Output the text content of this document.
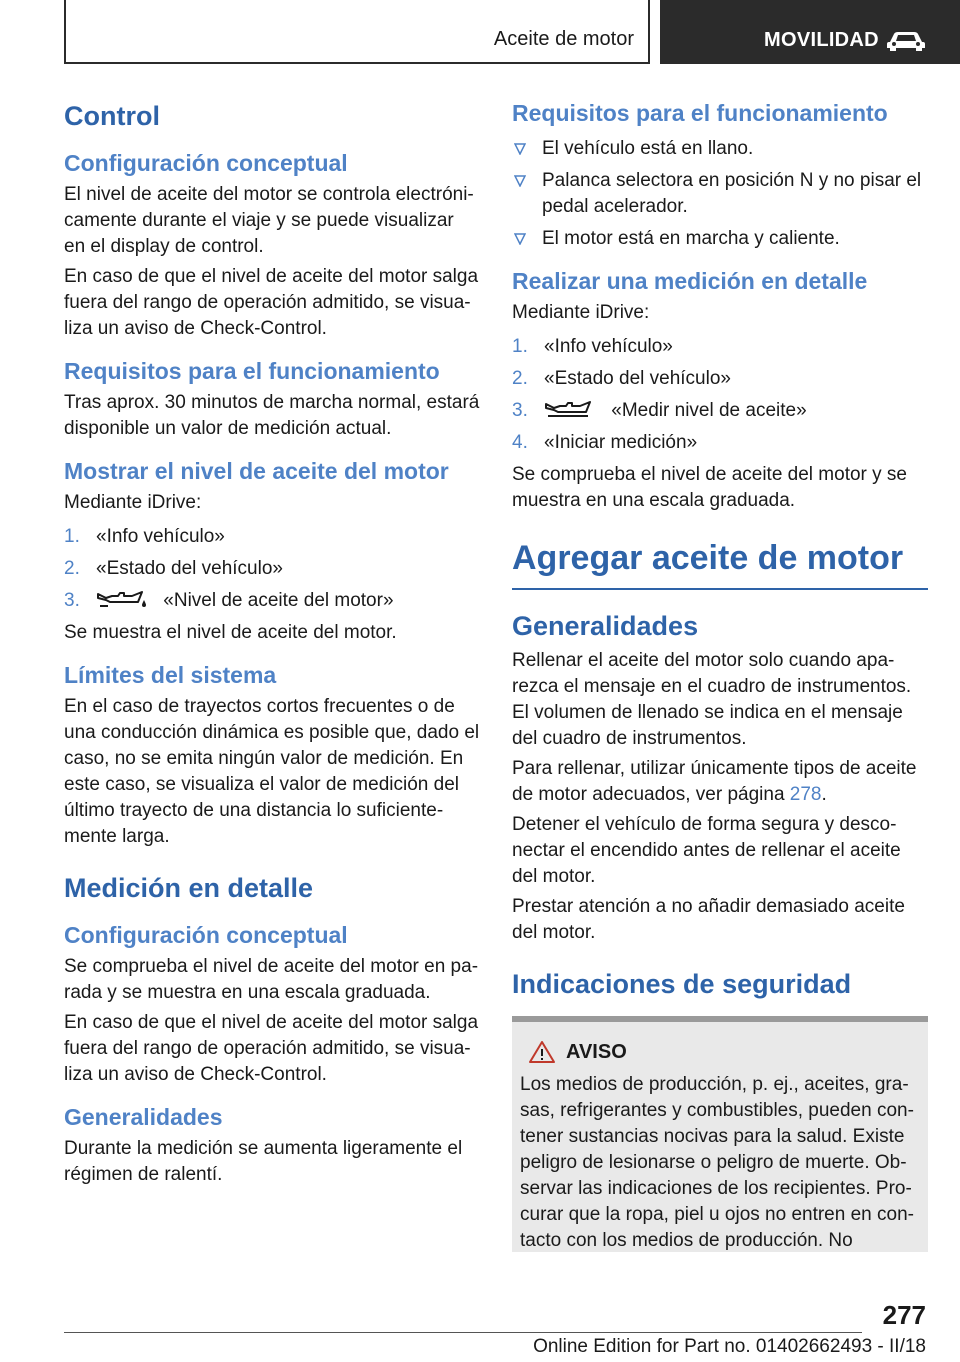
Aceite de motor	MOVILIDAD
Control
Configuración conceptual

El nivel de aceite del motor se controla electróni‐camente durante el viaje y se puede visualizar en el display de control.

En caso de que el nivel de aceite del motor salga fuera del rango de operación admitido, se visua‐liza un aviso de Check-Control.

Requisitos para el funcionamiento

Tras aprox. 30 minutos de marcha normal, estará disponible un valor de medición actual.

Mostrar el nivel de aceite del motor

Mediante iDrive:

1. «Info vehículo»
2. «Estado del vehículo»
3.	«Nivel de aceite del motor»

Se muestra el nivel de aceite del motor.

Límites del sistema

En el caso de trayectos cortos frecuentes o de una conducción dinámica es posible que, dado el caso, no se emita ningún valor de medición. En este caso, se visualiza el valor de medición del último trayecto de una distancia lo suficiente‐mente larga.

Medición en detalle
Configuración conceptual

Se comprueba el nivel de aceite del motor en pa‐rada y se muestra en una escala graduada.

En caso de que el nivel de aceite del motor salga fuera del rango de operación admitido, se visua‐liza un aviso de Check-Control.

Generalidades

Durante la medición se aumenta ligeramente el régimen de ralentí.

Requisitos para el funcionamiento
El vehículo está en llano.
Palanca selectora en posición N y no pisar el pedal acelerador.
El motor está en marcha y caliente.
Realizar una medición en detalle

Mediante iDrive:

1. «Info vehículo»
2. «Estado del vehículo»
3.	«Medir nivel de aceite»
4. «Iniciar medición»

Se comprueba el nivel de aceite del motor y se muestra en una escala graduada.

Agregar aceite de motor
Generalidades

Rellenar el aceite del motor solo cuando apa‐rezca el mensaje en el cuadro de instrumentos. El volumen de llenado se indica en el mensaje del cuadro de instrumentos.

Para rellenar, utilizar únicamente tipos de aceite de motor adecuados, ver página 278.

Detener el vehículo de forma segura y desco‐nectar el encendido antes de rellenar el aceite del motor.

Prestar atención a no añadir demasiado aceite del motor.

Indicaciones de seguridad
AVISO

Los medios de producción, p. ej., aceites, gra‐sas, refrigerantes y combustibles, pueden con‐tener sustancias nocivas para la salud. Existe peligro de lesionarse o peligro de muerte. Ob‐servar las indicaciones de los recipientes. Pro‐curar que la ropa, piel u ojos no entren en con‐tacto con los medios de producción. No

277
Online Edition for Part no. 01402662493 - II/18
